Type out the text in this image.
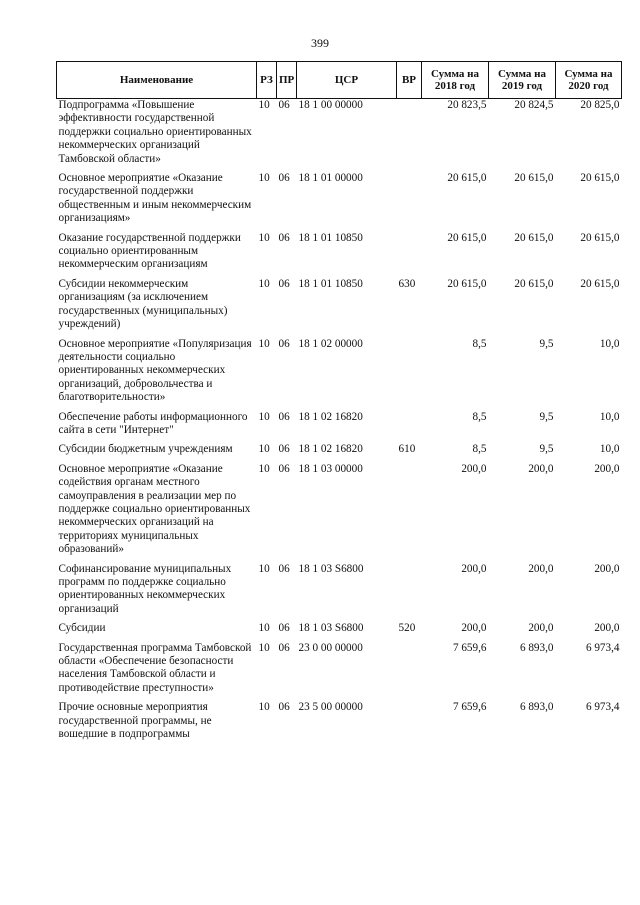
399
Наименование	РЗ	ПР	ЦСР	ВР	Сумма на 2018 год	Сумма на 2019 год	Сумма на 2020 год
Подпрограмма «Повышение эффективности государственной поддержки социально ориентированных некоммерческих организаций Тамбовской области»	10	06	18 1 00 00000		20 823,5	20 824,5	20 825,0
Основное мероприятие «Оказание государственной поддержки общественным и иным некоммерческим организациям»	10	06	18 1 01 00000		20 615,0	20 615,0	20 615,0
Оказание государственной поддержки социально ориентированным некоммерческим организациям	10	06	18 1 01 10850		20 615,0	20 615,0	20 615,0
Субсидии некоммерческим организациям (за исключением государственных (муниципальных) учреждений)	10	06	18 1 01 10850	630	20 615,0	20 615,0	20 615,0
Основное мероприятие «Популяризация деятельности социально ориентированных некоммерческих организаций, добровольчества и благотворительности»	10	06	18 1 02 00000		8,5	9,5	10,0
Обеспечение работы информационного сайта в сети "Интернет"	10	06	18 1 02 16820		8,5	9,5	10,0
Субсидии бюджетным учреждениям	10	06	18 1 02 16820	610	8,5	9,5	10,0
Основное мероприятие «Оказание содействия органам местного самоуправления в реализации мер по поддержке социально ориентированных некоммерческих организаций на территориях муниципальных образований»	10	06	18 1 03 00000		200,0	200,0	200,0
Софинансирование муниципальных программ по поддержке социально ориентированных некоммерческих организаций	10	06	18 1 03 S6800		200,0	200,0	200,0
Субсидии	10	06	18 1 03 S6800	520	200,0	200,0	200,0
Государственная программа Тамбовской области «Обеспечение безопасности населения Тамбовской области и противодействие преступности»	10	06	23 0 00 00000		7 659,6	6 893,0	6 973,4
Прочие основные мероприятия государственной программы, не вошедшие в подпрограммы	10	06	23 5 00 00000		7 659,6	6 893,0	6 973,4
